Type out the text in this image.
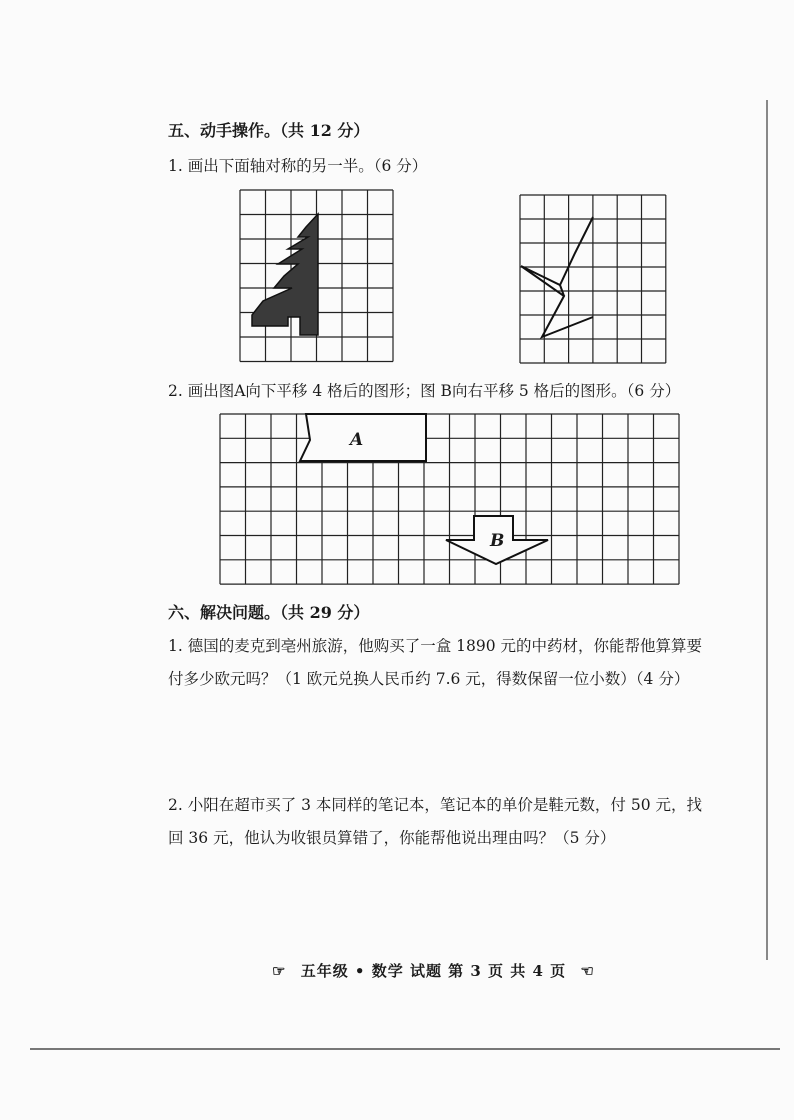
五、动手操作。（共 12 分）
1. 画出下面轴对称的另一半。（6 分）
2. 画出图A向下平移 4 格后的图形；图 B向右平移 5 格后的图形。（6 分）
A
B
六、解决问题。（共 29 分）
1. 德国的麦克到亳州旅游，他购买了一盒 1890 元的中药材，你能帮他算算要
付多少欧元吗？（1 欧元兑换人民币约 7.6 元，得数保留一位小数）（4 分）
2. 小阳在超市买了 3 本同样的笔记本，笔记本的单价是鞋元数，付 50 元，找
回 36 元，他认为收银员算错了，你能帮他说出理由吗？（5 分）
☞ 五年级 • 数学 试题 第 3 页 共 4 页 ☜
